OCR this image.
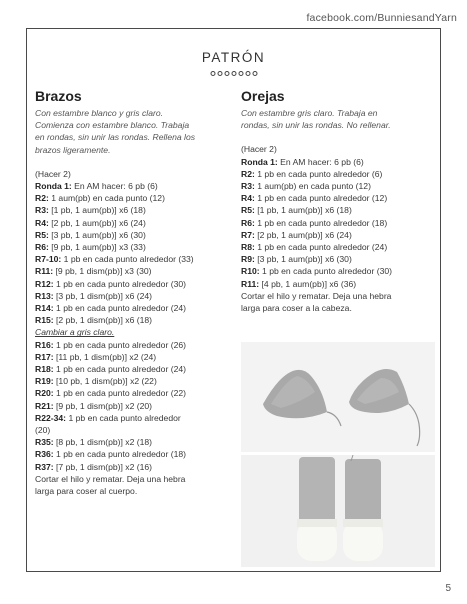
facebook.com/BunniesandYarn
PATRÓN
Brazos
Con estambre blanco y gris claro.
Comienza con estambre blanco. Trabaja
en rondas, sin unir las rondas. Rellena los
brazos ligeramente.
(Hacer 2)
Ronda 1: En AM hacer: 6 pb (6)
R2: 1 aum(pb) en cada punto (12)
R3: [1 pb, 1 aum(pb)] x6 (18)
R4: [2 pb, 1 aum(pb)] x6 (24)
R5: [3 pb, 1 aum(pb)] x6 (30)
R6: [9 pb, 1 aum(pb)] x3 (33)
R7-10: 1 pb en cada punto alrededor (33)
R11: [9 pb, 1 dism(pb)] x3 (30)
R12: 1 pb en cada punto alrededor (30)
R13: [3 pb, 1 dism(pb)] x6 (24)
R14: 1 pb en cada punto alrededor (24)
R15: [2 pb, 1 dism(pb)] x6 (18)
Cambiar a gris claro.
R16: 1 pb en cada punto alrededor (26)
R17: [11 pb, 1 dism(pb)] x2 (24)
R18: 1 pb en cada punto alrededor (24)
R19: [10 pb, 1 dism(pb)] x2 (22)
R20: 1 pb en cada punto alrededor (22)
R21: [9 pb, 1 dism(pb)] x2 (20)
R22-34: 1 pb en cada punto alrededor
(20)
R35: [8 pb, 1 dism(pb)] x2 (18)
R36: 1 pb en cada punto alrededor (18)
R37: [7 pb, 1 dism(pb)] x2 (16)
Cortar el hilo y rematar. Deja una hebra
larga para coser al cuerpo.
Orejas
Con estambre gris claro. Trabaja en
rondas, sin unir las rondas. No rellenar.
(Hacer 2)
Ronda 1: En AM hacer: 6 pb (6)
R2: 1 pb en cada punto alrededor (6)
R3: 1 aum(pb) en cada punto (12)
R4: 1 pb en cada punto alrededor (12)
R5: [1 pb, 1 aum(pb)] x6 (18)
R6: 1 pb en cada punto alrededor (18)
R7: [2 pb, 1 aum(pb)] x6 (24)
R8: 1 pb en cada punto alrededor (24)
R9: [3 pb, 1 aum(pb)] x6 (30)
R10: 1 pb en cada punto alrededor (30)
R11: [4 pb, 1 aum(pb)] x6 (36)
Cortar el hilo y rematar. Deja una hebra
larga para coser a la cabeza.
5
